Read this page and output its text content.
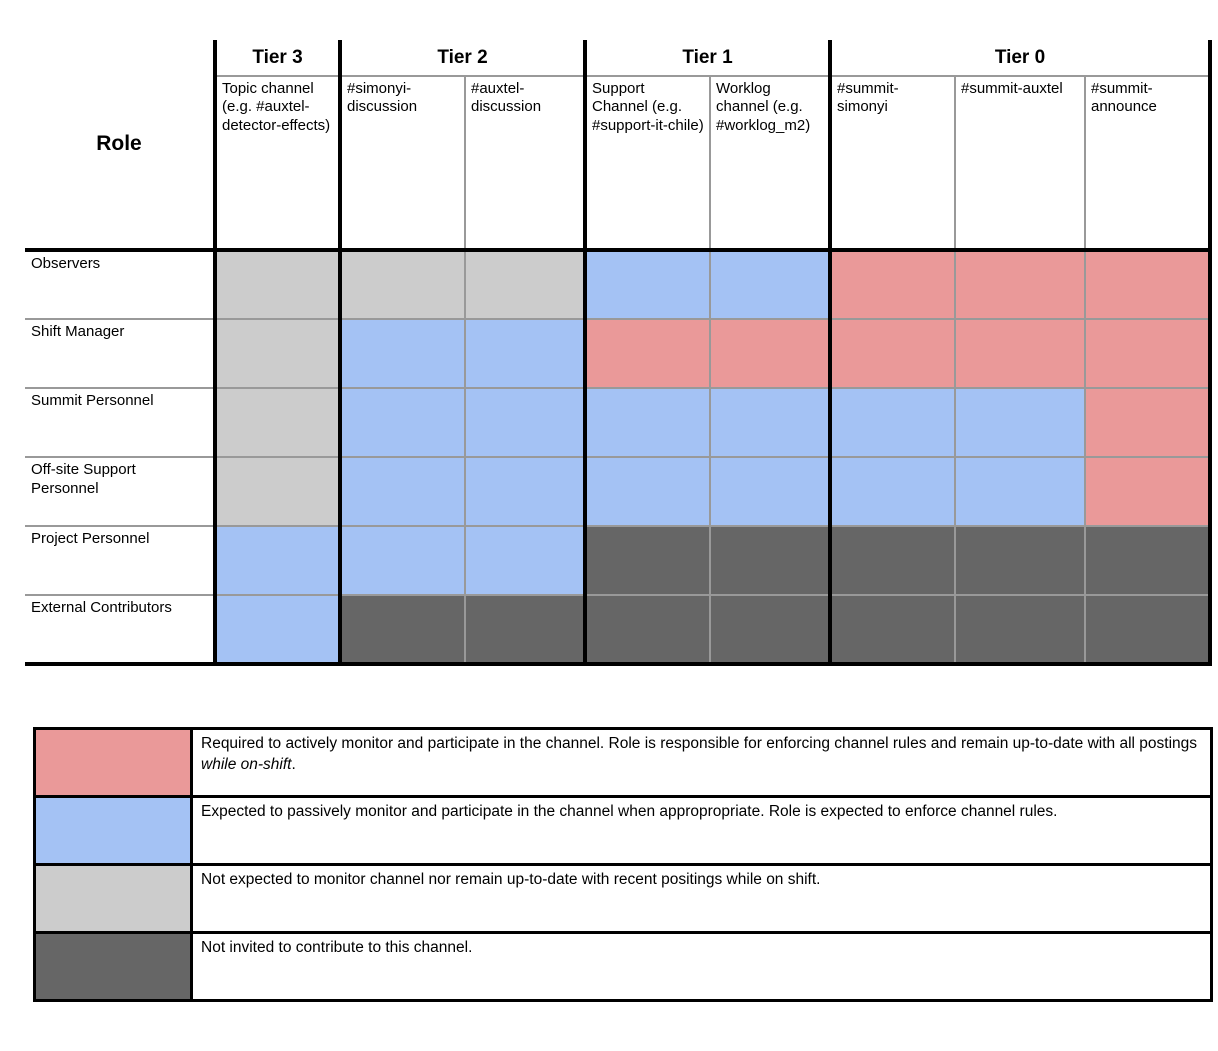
Role	Tier 3	Tier 2		Tier 1		Tier 0		
	Topic channel (e.g. #auxtel-detector-effects)	#simonyi-discussion	#auxtel-discussion	Support Channel (e.g. #support-it-chile)	Worklog channel (e.g. #worklog_m2)	#summit-simonyi	#summit-auxtel	#summit-announce
Observers								
Shift Manager								
Summit Personnel								
Off-site Support Personnel								
Project Personnel								
External Contributors								
	Required to actively monitor and participate in the channel. Role is responsible for enforcing channel rules and remain up-to-date with all postings while on-shift.
	Expected to passively monitor and participate in the channel when appropropriate. Role is expected to enforce channel rules.
	Not expected to monitor channel nor remain up-to-date with recent positings while on shift.
	Not invited to contribute to this channel.
